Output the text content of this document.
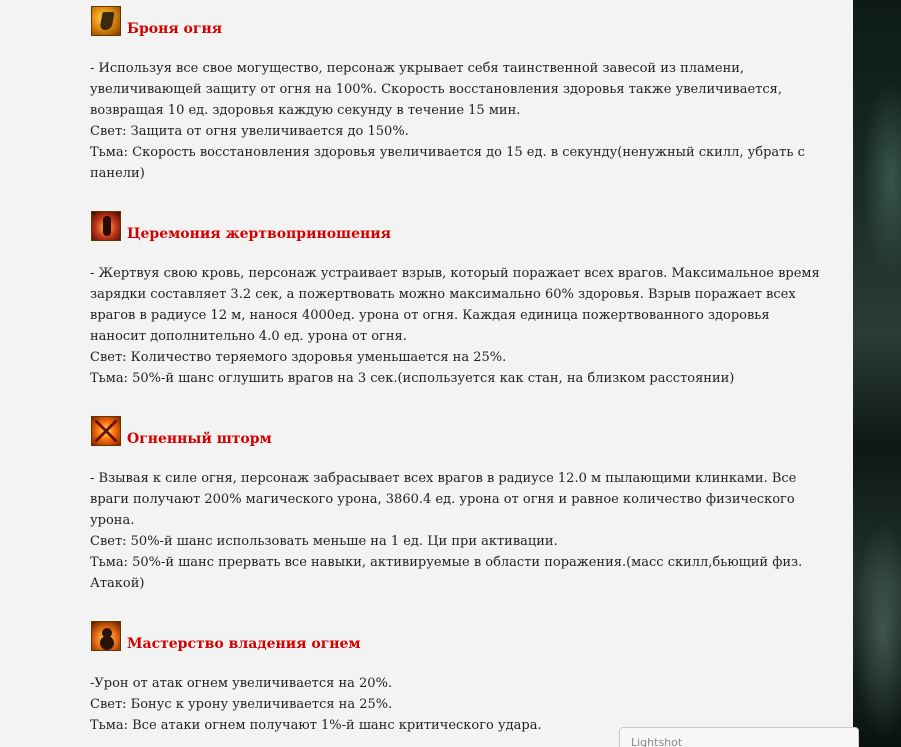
Броня огня
- Используя все свое могущество, персонаж укрывает себя таинственной завесой из пламени,
увеличивающей защиту от огня на 100%. Скорость восстановления здоровья также увеличивается,
возвращая 10 ед. здоровья каждую секунду в течение 15 мин.
Свет: Защита от огня увеличивается до 150%.
Тьма: Скорость восстановления здоровья увеличивается до 15 ед. в секунду(ненужный скилл, убрать с
панели)
Церемония жертвоприношения
- Жертвуя свою кровь, персонаж устраивает взрыв, который поражает всех врагов. Максимальное время
зарядки составляет 3.2 сек, а пожертвовать можно максимально 60% здоровья. Взрыв поражает всех
врагов в радиусе 12 м, нанося 4000ед. урона от огня. Каждая единица пожертвованного здоровья
наносит дополнительно 4.0 ед. урона от огня.
Свет: Количество теряемого здоровья уменьшается на 25%.
Тьма: 50%-й шанс оглушить врагов на 3 сек.(используется как стан, на близком расстоянии)
Огненный шторм
- Взывая к силе огня, персонаж забрасывает всех врагов в радиусе 12.0 м пылающими клинками. Все
враги получают 200% магического урона, 3860.4 ед. урона от огня и равное количество физического
урона.
Свет: 50%-й шанс использовать меньше на 1 ед. Ци при активации.
Тьма: 50%-й шанс прервать все навыки, активируемые в области поражения.(масс скилл,бьющий физ.
Атакой)
Мастерство владения огнем
-Урон от атак огнем увеличивается на 20%.
Свет: Бонус к урону увеличивается на 25%.
Тьма: Все атаки огнем получают 1%-й шанс критического удара.
Lightshot
